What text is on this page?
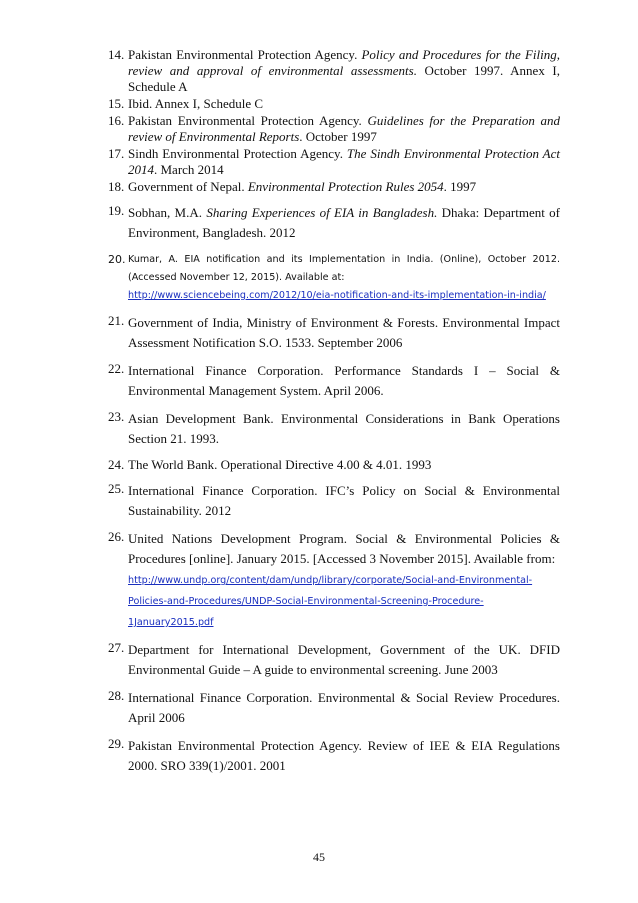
14. Pakistan Environmental Protection Agency. Policy and Procedures for the Filing, review and approval of environmental assessments. October 1997. Annex I, Schedule A
15. Ibid. Annex I, Schedule C
16. Pakistan Environmental Protection Agency. Guidelines for the Preparation and review of Environmental Reports. October 1997
17. Sindh Environmental Protection Agency. The Sindh Environmental Protection Act 2014. March 2014
18. Government of Nepal. Environmental Protection Rules 2054. 1997
19. Sobhan, M.A. Sharing Experiences of EIA in Bangladesh. Dhaka: Department of Environment, Bangladesh. 2012
20. Kumar, A. EIA notification and its Implementation in India. (Online), October 2012. (Accessed November 12, 2015). Available at:
http://www.sciencebeing.com/2012/10/eia-notification-and-its-implementation-in-india/
21. Government of India, Ministry of Environment & Forests. Environmental Impact Assessment Notification S.O. 1533. September 2006
22. International Finance Corporation. Performance Standards I – Social & Environmental Management System. April 2006.
23. Asian Development Bank. Environmental Considerations in Bank Operations Section 21. 1993.
24. The World Bank. Operational Directive 4.00 & 4.01. 1993
25. International Finance Corporation. IFC’s Policy on Social & Environmental Sustainability. 2012
26. United Nations Development Program. Social & Environmental Policies & Procedures [online]. January 2015. [Accessed 3 November 2015]. Available from:
http://www.undp.org/content/dam/undp/library/corporate/Social-and-Environmental-Policies-and-Procedures/UNDP-Social-Environmental-Screening-Procedure-1January2015.pdf
27. Department for International Development, Government of the UK. DFID Environmental Guide – A guide to environmental screening. June 2003
28. International Finance Corporation. Environmental & Social Review Procedures. April 2006
29. Pakistan Environmental Protection Agency. Review of IEE & EIA Regulations 2000. SRO 339(1)/2001. 2001
45
